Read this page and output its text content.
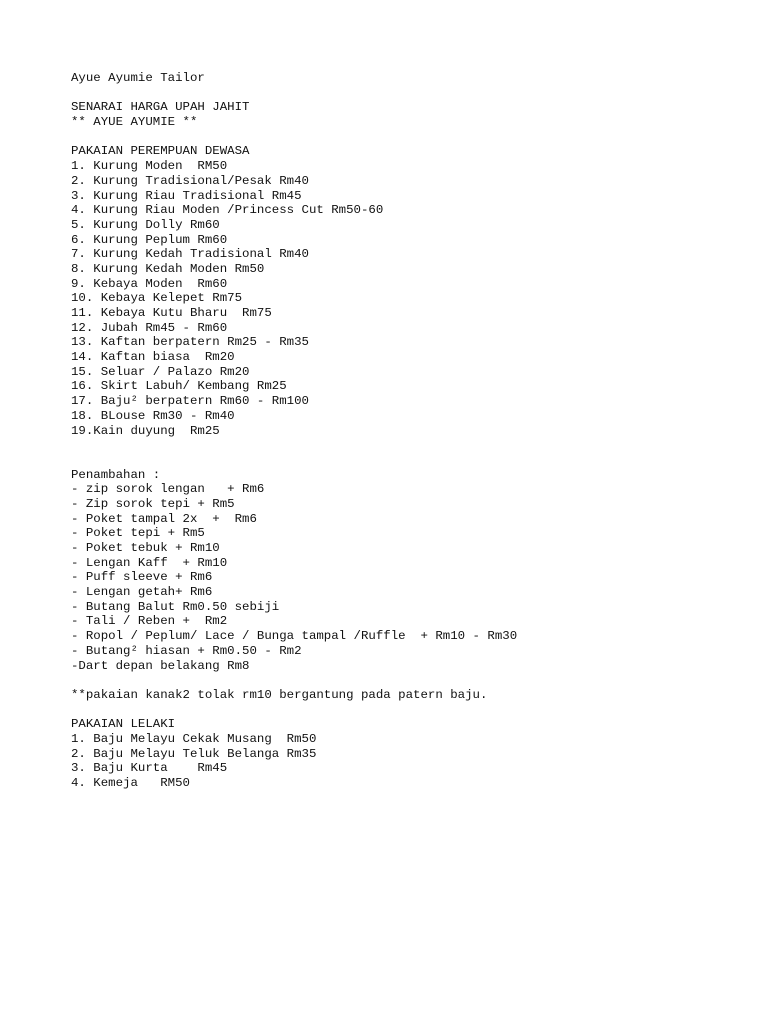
Ayue Ayumie Tailor
SENARAI HARGA UPAH JAHIT
** AYUE AYUMIE **
PAKAIAN PEREMPUAN DEWASA
1. Kurung Moden  RM50
2. Kurung Tradisional/Pesak Rm40
3. Kurung Riau Tradisional Rm45
4. Kurung Riau Moden /Princess Cut Rm50-60
5. Kurung Dolly Rm60
6. Kurung Peplum Rm60
7. Kurung Kedah Tradisional Rm40
8. Kurung Kedah Moden Rm50
9. Kebaya Moden  Rm60
10. Kebaya Kelepet Rm75
11. Kebaya Kutu Bharu  Rm75
12. Jubah Rm45 - Rm60
13. Kaftan berpatern Rm25 - Rm35
14. Kaftan biasa  Rm20
15. Seluar / Palazo Rm20
16. Skirt Labuh/ Kembang Rm25
17. Baju² berpatern Rm60 - Rm100
18. BLouse Rm30 - Rm40
19.Kain duyung  Rm25
Penambahan :
- zip sorok lengan   + Rm6
- Zip sorok tepi + Rm5
- Poket tampal 2x  +  Rm6
- Poket tepi + Rm5
- Poket tebuk + Rm10
- Lengan Kaff  + Rm10
- Puff sleeve + Rm6
- Lengan getah+ Rm6
- Butang Balut Rm0.50 sebiji
- Tali / Reben +  Rm2
- Ropol / Peplum/ Lace / Bunga tampal /Ruffle  + Rm10 - Rm30
- Butang² hiasan + Rm0.50 - Rm2
-Dart depan belakang Rm8
**pakaian kanak2 tolak rm10 bergantung pada patern baju.
PAKAIAN LELAKI
1. Baju Melayu Cekak Musang  Rm50
2. Baju Melayu Teluk Belanga Rm35
3. Baju Kurta    Rm45
4. Kemeja   RM50
